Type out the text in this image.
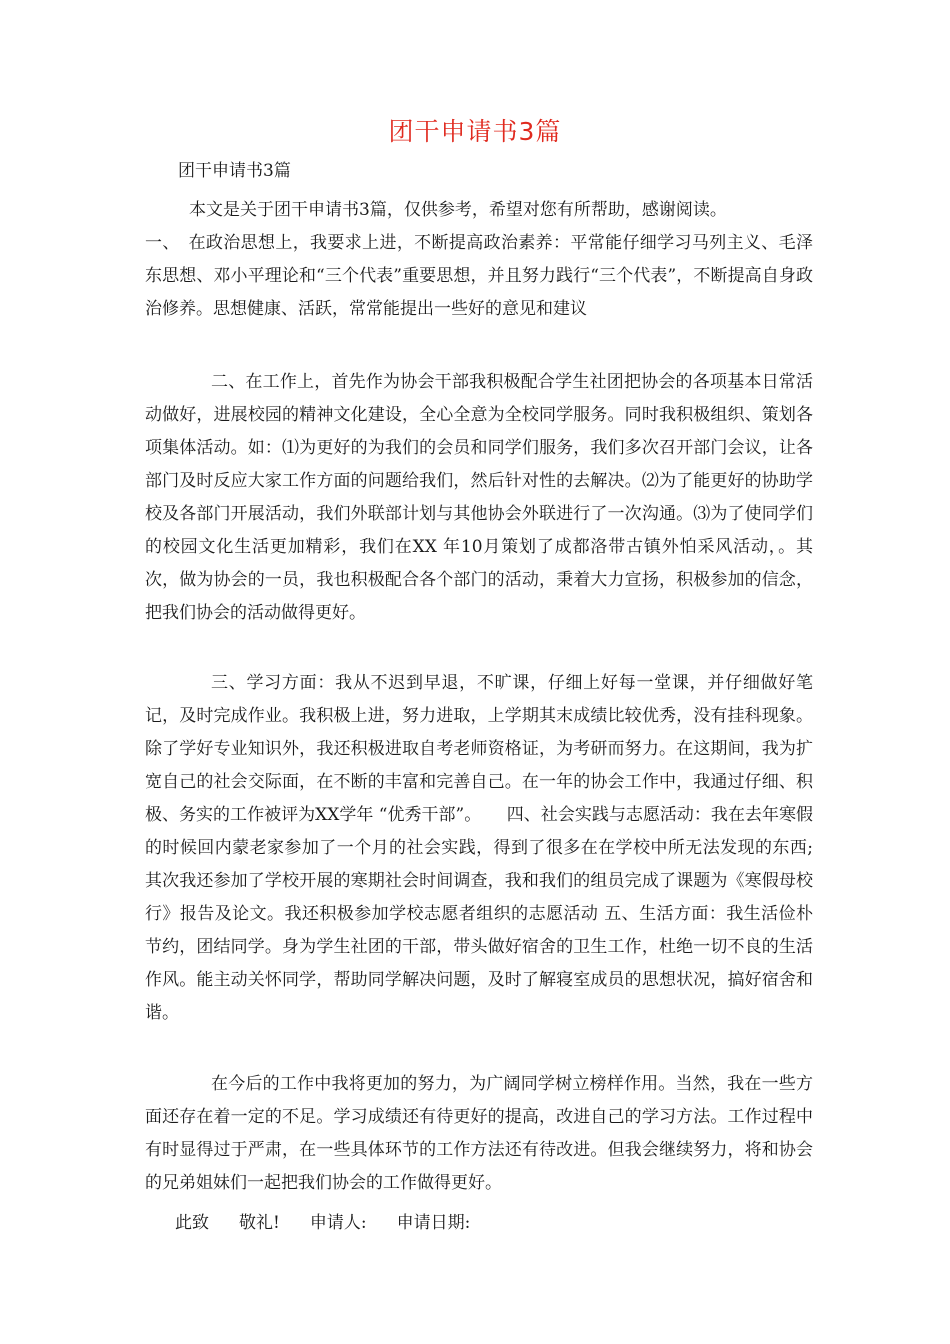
团干申请书3篇

团干申请书3篇

本文是关于团干申请书3篇，仅供参考，希望对您有所帮助，感谢阅读。

一、　在政治思想上，我要求上进，不断提高政治素养：平常能仔细学习马列主义、毛泽东思想、邓小平理论和“三个代表”重要思想，并且努力践行“三个代表”，不断提高自身政治修养。思想健康、活跃，常常能提出一些好的意见和建议

二、在工作上，首先作为协会干部我积极配合学生社团把协会的各项基本日常活动做好，进展校园的精神文化建设，全心全意为全校同学服务。同时我积极组织、策划各项集体活动。如：⑴为更好的为我们的会员和同学们服务，我们多次召开部门会议，让各部门及时反应大家工作方面的问题给我们，然后针对性的去解决。⑵为了能更好的协助学校及各部门开展活动，我们外联部计划与其他协会外联进行了一次沟通。⑶为了使同学们的校园文化生活更加精彩，我们在XX 年10月策划了成都洛带古镇外怕采风活动，。其次，做为协会的一员，我也积极配合各个部门的活动，秉着大力宣扬，积极参加的信念，把我们协会的活动做得更好。

三、学习方面：我从不迟到早退，不旷课，仔细上好每一堂课，并仔细做好笔记，及时完成作业。我积极上进，努力进取，上学期其末成绩比较优秀，没有挂科现象。除了学好专业知识外，我还积极进取自考老师资格证，为考研而努力。在这期间，我为扩宽自己的社会交际面，在不断的丰富和完善自己。在一年的协会工作中，我通过仔细、积极、务实的工作被评为XX学年 “优秀干部”。　　四、社会实践与志愿活动：我在去年寒假的时候回内蒙老家参加了一个月的社会实践，得到了很多在在学校中所无法发现的东西;其次我还参加了学校开展的寒期社会时间调查，我和我们的组员完成了课题为《寒假母校行》报告及论文。我还积极参加学校志愿者组织的志愿活动 五、生活方面：我生活俭朴节约，团结同学。身为学生社团的干部，带头做好宿舍的卫生工作，杜绝一切不良的生活作风。能主动关怀同学，帮助同学解决问题，及时了解寝室成员的思想状况，搞好宿舍和谐。

在今后的工作中我将更加的努力，为广阔同学树立榜样作用。当然，我在一些方面还存在着一定的不足。学习成绩还有待更好的提高，改进自己的学习方法。工作过程中有时显得过于严肃，在一些具体环节的工作方法还有待改进。但我会继续努力，将和协会的兄弟姐妹们一起把我们协会的工作做得更好。

此致 敬礼! 申请人: 申请日期:
